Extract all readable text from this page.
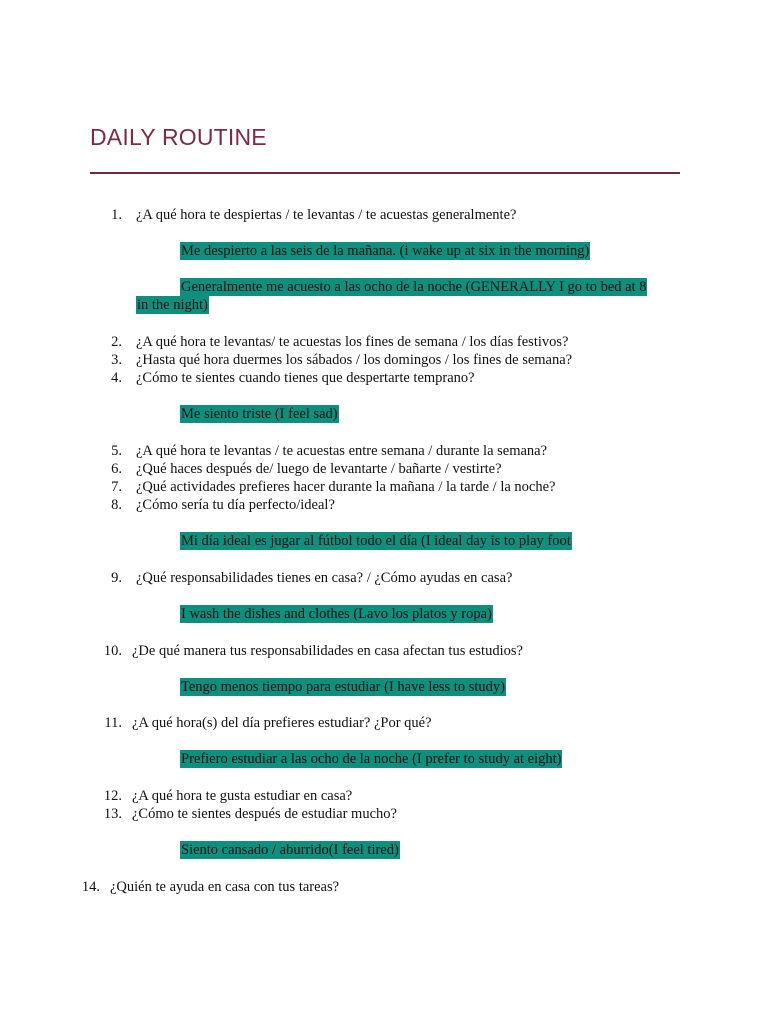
DAILY ROUTINE
1. ¿A qué hora te despiertas / te levantas / te acuestas generalmente?
Me despierto a las seis de la mañana. (i wake up at six in the morning)
Generalmente me acuesto a las ocho de la noche (GENERALLY I go to bed at 8
in the night)
2. ¿A qué hora te levantas/ te acuestas los fines de semana / los días festivos?
3. ¿Hasta qué hora duermes los sábados / los domingos / los fines de semana?
4. ¿Cómo te sientes cuando tienes que despertarte temprano?
Me siento triste (I feel sad)
5. ¿A qué hora te levantas / te acuestas entre semana / durante la semana?
6. ¿Qué haces después de/ luego de levantarte / bañarte / vestirte?
7. ¿Qué actividades prefieres hacer durante la mañana / la tarde / la noche?
8. ¿Cómo sería tu día perfecto/ideal?
Mi día ideal es jugar al fútbol todo el día (I ideal day is to play foot
9. ¿Qué responsabilidades tienes en casa? / ¿Cómo ayudas en casa?
I wash the dishes and clothes (Lavo los platos y ropa)
10. ¿De qué manera tus responsabilidades en casa afectan tus estudios?
Tengo menos tiempo para estudiar (I have less to study)
11. ¿A qué hora(s) del día prefieres estudiar? ¿Por qué?
Prefiero estudiar a las ocho de la noche (I prefer to study at eight)
12. ¿A qué hora te gusta estudiar en casa?
13. ¿Cómo te sientes después de estudiar mucho?
Siento cansado / aburrido(I feel tired)
14. ¿Quién te ayuda en casa con tus tareas?
